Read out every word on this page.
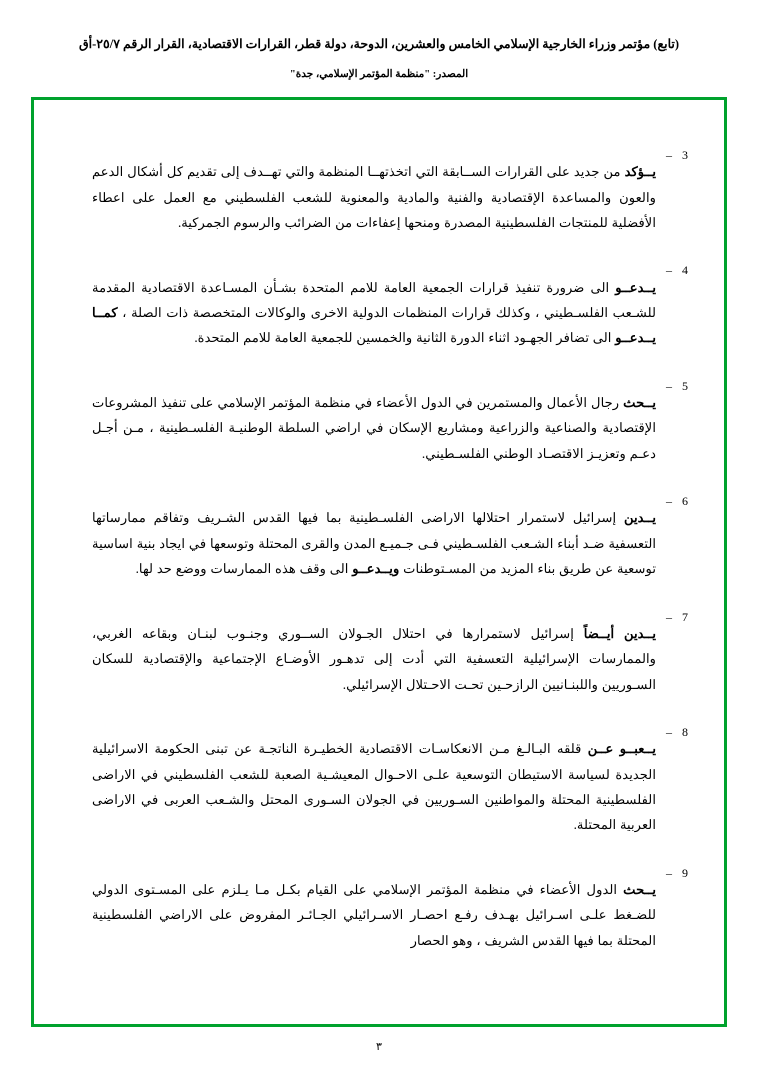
(تابع) مؤتمر وزراء الخارجية الإسلامي الخامس والعشرين، الدوحة، دولة قطر، القرارات الاقتصادية، القرار الرقم ٢٥/٧-أق
المصدر: "منظمة المؤتمر الإسلامي، جدة"
3 –

يــؤكد من جديد على القرارات الســابقة التي اتخذتهــا المنظمة والتي تهــدف إلى تقديم كل أشكال الدعم والعون والمساعدة الإقتصادية والفنية والمادية والمعنوية للشعب الفلسطيني مع العمل على اعطاء الأفضلية للمنتجات الفلسطينية المصدرة ومنحها إعفاءات من الضرائب والرسوم الجمركية.

4 –

يــدعــو الى ضرورة تنفيذ قرارات الجمعية العامة للامم المتحدة بشـأن المسـاعدة الاقتصادية المقدمة للشـعب الفلسـطيني ، وكذلك قرارات المنظمات الدولية الاخرى والوكالات المتخصصة ذات الصلة ، كمــا يــدعــو الى تضافر الجهـود اثناء الدورة الثانية والخمسين للجمعية العامة للامم المتحدة.

5 –

يــحث رجال الأعمال والمستمرين في الدول الأعضاء في منظمة المؤتمر الإسلامي على تنفيذ المشروعات الإقتصادية والصناعية والزراعية ومشاريع الإسكان في اراضي السلطة الوطنيـة الفلسـطينية ، مـن أجـل دعـم وتعزيـز الاقتصـاد الوطني الفلسـطيني.

6 –

يــدين إسرائيل لاستمرار احتلالها الاراضى الفلسـطينية بما فيها القدس الشـريف وتفاقم ممارساتها التعسفية ضـد أبناء الشـعب الفلسـطيني فـى جـميـع المدن والقرى المحتلة وتوسعها في ايجاد بنية اساسية توسعية عن طريق بناء المزيد من المسـتوطنات ويــدعــو الى وقف هذه الممارسات ووضع حد لها.

7 –

يــدين أيــضاً إسرائيل لاستمرارها في احتلال الجـولان الســوري وجنـوب لبنـان وبقاعه الغربي، والممارسات الإسرائيلية التعسفية التي أدت إلى تدهـور الأوضـاع الإجتماعية والإقتصادية للسكان السـوريين واللبنـانيين الرازحـين تحـت الاحـتلال الإسرائيلي.

8 –

يــعبــو عــن قلقه البـالـغ مـن الانعكاسـات الاقتصادية الخطيـرة الناتجـة عن تبنى الحكومة الاسرائيلية الجديدة لسياسة الاستيطان التوسعية علـى الاحـوال المعيشـية الصعبة للشعب الفلسطيني في الاراضى الفلسطينية المحتلة والمواطنين السـوريين في الجولان السـورى المحتل والشـعب العربى في الاراضى العربية المحتلة.

9 –

يــحث الدول الأعضاء في منظمة المؤتمر الإسلامي على القيام بكـل مـا يـلزم على المسـتوى الدولي للضـغط علـى اسـرائيل بهـدف رفـع احصـار الاسـرائيلي الجـائـر المفروض على الاراضي الفلسطينية المحتلة بما فيها القدس الشريف ، وهو الحصار

٣
